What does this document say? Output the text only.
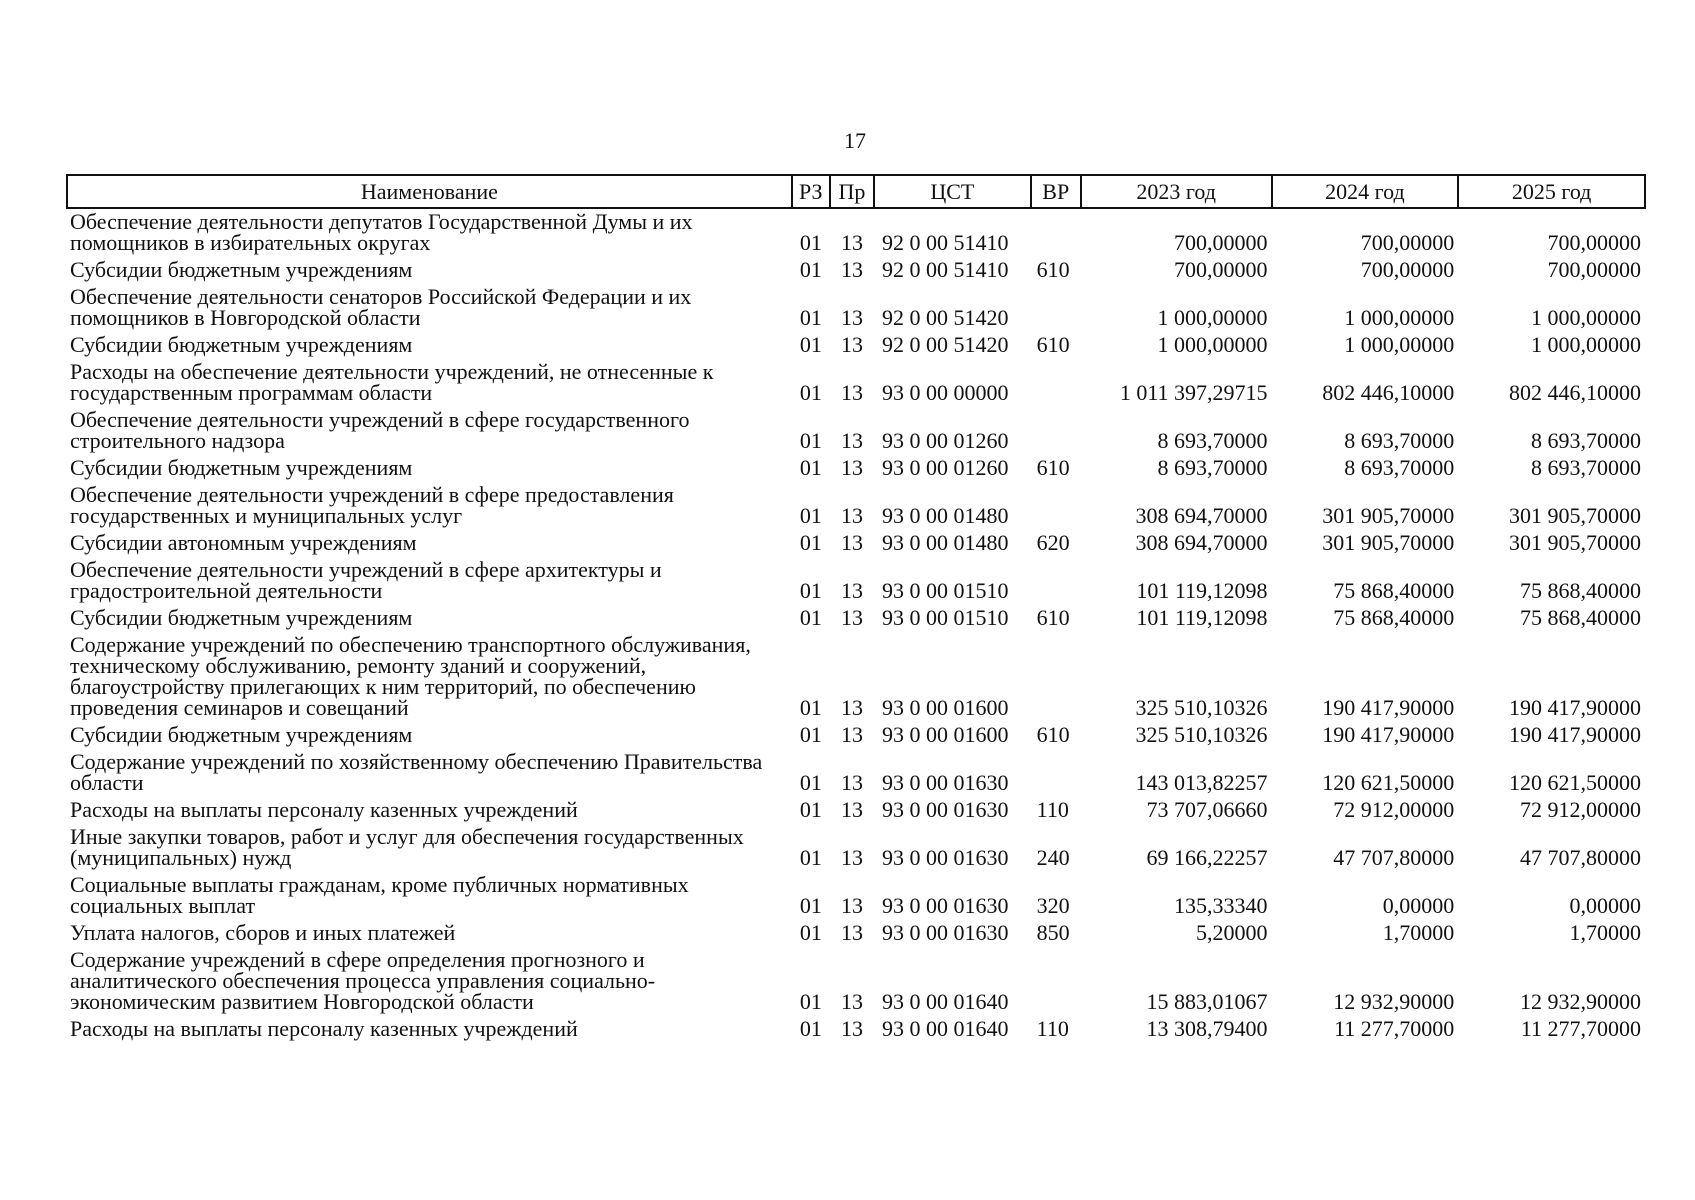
17
Наименование	РЗ	Пр	ЦСТ	ВР	2023 год	2024 год	2025 год
Обеспечение деятельности депутатов Государственной Думы и их помощников в избирательных округах	01	13	92 0 00 51410		700,00000	700,00000	700,00000
Субсидии бюджетным учреждениям	01	13	92 0 00 51410	610	700,00000	700,00000	700,00000
Обеспечение деятельности сенаторов Российской Федерации и их помощников в Новгородской области	01	13	92 0 00 51420		1 000,00000	1 000,00000	1 000,00000
Субсидии бюджетным учреждениям	01	13	92 0 00 51420	610	1 000,00000	1 000,00000	1 000,00000
Расходы на обеспечение деятельности учреждений, не отнесенные к государственным программам области	01	13	93 0 00 00000		1 011 397,29715	802 446,10000	802 446,10000
Обеспечение деятельности учреждений в сфере государственного строительного надзора	01	13	93 0 00 01260		8 693,70000	8 693,70000	8 693,70000
Субсидии бюджетным учреждениям	01	13	93 0 00 01260	610	8 693,70000	8 693,70000	8 693,70000
Обеспечение деятельности учреждений в сфере предоставления государственных и муниципальных услуг	01	13	93 0 00 01480		308 694,70000	301 905,70000	301 905,70000
Субсидии автономным учреждениям	01	13	93 0 00 01480	620	308 694,70000	301 905,70000	301 905,70000
Обеспечение деятельности учреждений в сфере архитектуры и градостроительной деятельности	01	13	93 0 00 01510		101 119,12098	75 868,40000	75 868,40000
Субсидии бюджетным учреждениям	01	13	93 0 00 01510	610	101 119,12098	75 868,40000	75 868,40000
Содержание учреждений по обеспечению транспортного обслуживания, техническому обслуживанию, ремонту зданий и сооружений, благоустройству прилегающих к ним территорий, по обеспечению проведения семинаров и совещаний	01	13	93 0 00 01600		325 510,10326	190 417,90000	190 417,90000
Субсидии бюджетным учреждениям	01	13	93 0 00 01600	610	325 510,10326	190 417,90000	190 417,90000
Содержание учреждений по хозяйственному обеспечению Правительства области	01	13	93 0 00 01630		143 013,82257	120 621,50000	120 621,50000
Расходы на выплаты персоналу казенных учреждений	01	13	93 0 00 01630	110	73 707,06660	72 912,00000	72 912,00000
Иные закупки товаров, работ и услуг для обеспечения государственных (муниципальных) нужд	01	13	93 0 00 01630	240	69 166,22257	47 707,80000	47 707,80000
Социальные выплаты гражданам, кроме публичных нормативных социальных выплат	01	13	93 0 00 01630	320	135,33340	0,00000	0,00000
Уплата налогов, сборов и иных платежей	01	13	93 0 00 01630	850	5,20000	1,70000	1,70000
Содержание учреждений в сфере определения прогнозного и аналитического обеспечения процесса управления социально-экономическим развитием Новгородской области	01	13	93 0 00 01640		15 883,01067	12 932,90000	12 932,90000
Расходы на выплаты персоналу казенных учреждений	01	13	93 0 00 01640	110	13 308,79400	11 277,70000	11 277,70000
